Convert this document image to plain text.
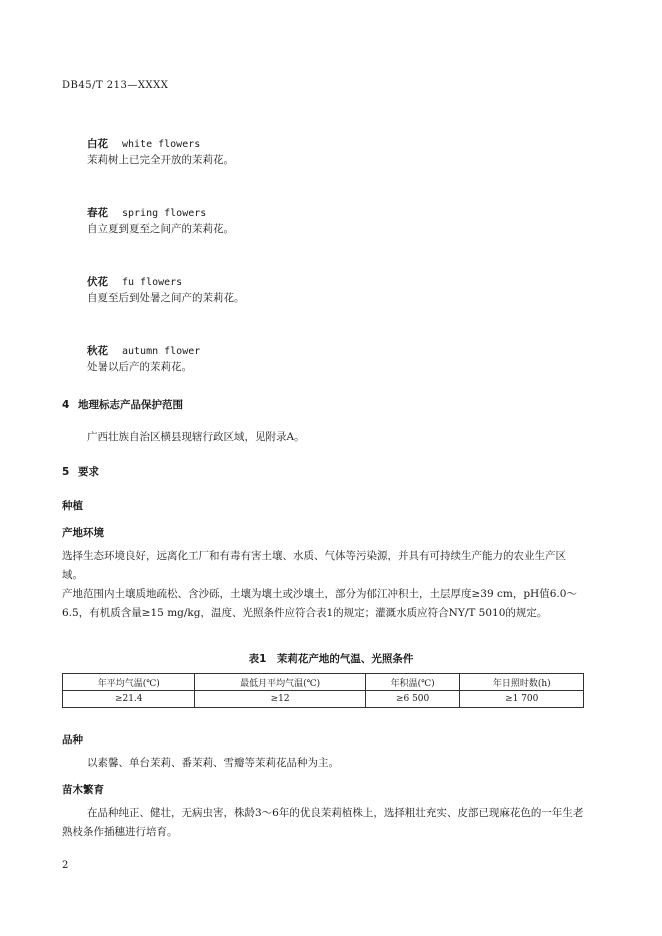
DB45/T 213—XXXX
白花 white flowers
茉莉树上已完全开放的茉莉花。
春花 spring flowers
自立夏到夏至之间产的茉莉花。
伏花 fu flowers
自夏至后到处暑之间产的茉莉花。
秋花 autumn flower
处暑以后产的茉莉花。
4 地理标志产品保护范围
广西壮族自治区横县现辖行政区域，见附录A。
5 要求
种植
产地环境
选择生态环境良好，远离化工厂和有毒有害土壤、水质、气体等污染源，并具有可持续生产能力的农业生产区域。
产地范围内土壤质地疏松、含沙砾，土壤为壤土或沙壤土，部分为郁江冲积土，土层厚度≥39 cm，pH值6.0～6.5，有机质含量≥15 mg/kg，温度、光照条件应符合表1的规定；灌溉水质应符合NY/T 5010的规定。
表1　茉莉花产地的气温、光照条件
年平均气温(℃)	最低月平均气温(℃)	年积温(℃)	年日照时数(h)
≥21.4	≥12	≥6 500	≥1 700
品种
以素馨、单台茉莉、番茉莉、雪瓣等茉莉花品种为主。
苗木繁育
在品种纯正、健壮，无病虫害，株龄3～6年的优良茉莉植株上，选择粗壮充实、皮部已现麻花色的一年生老熟枝条作插穗进行培育。
2
